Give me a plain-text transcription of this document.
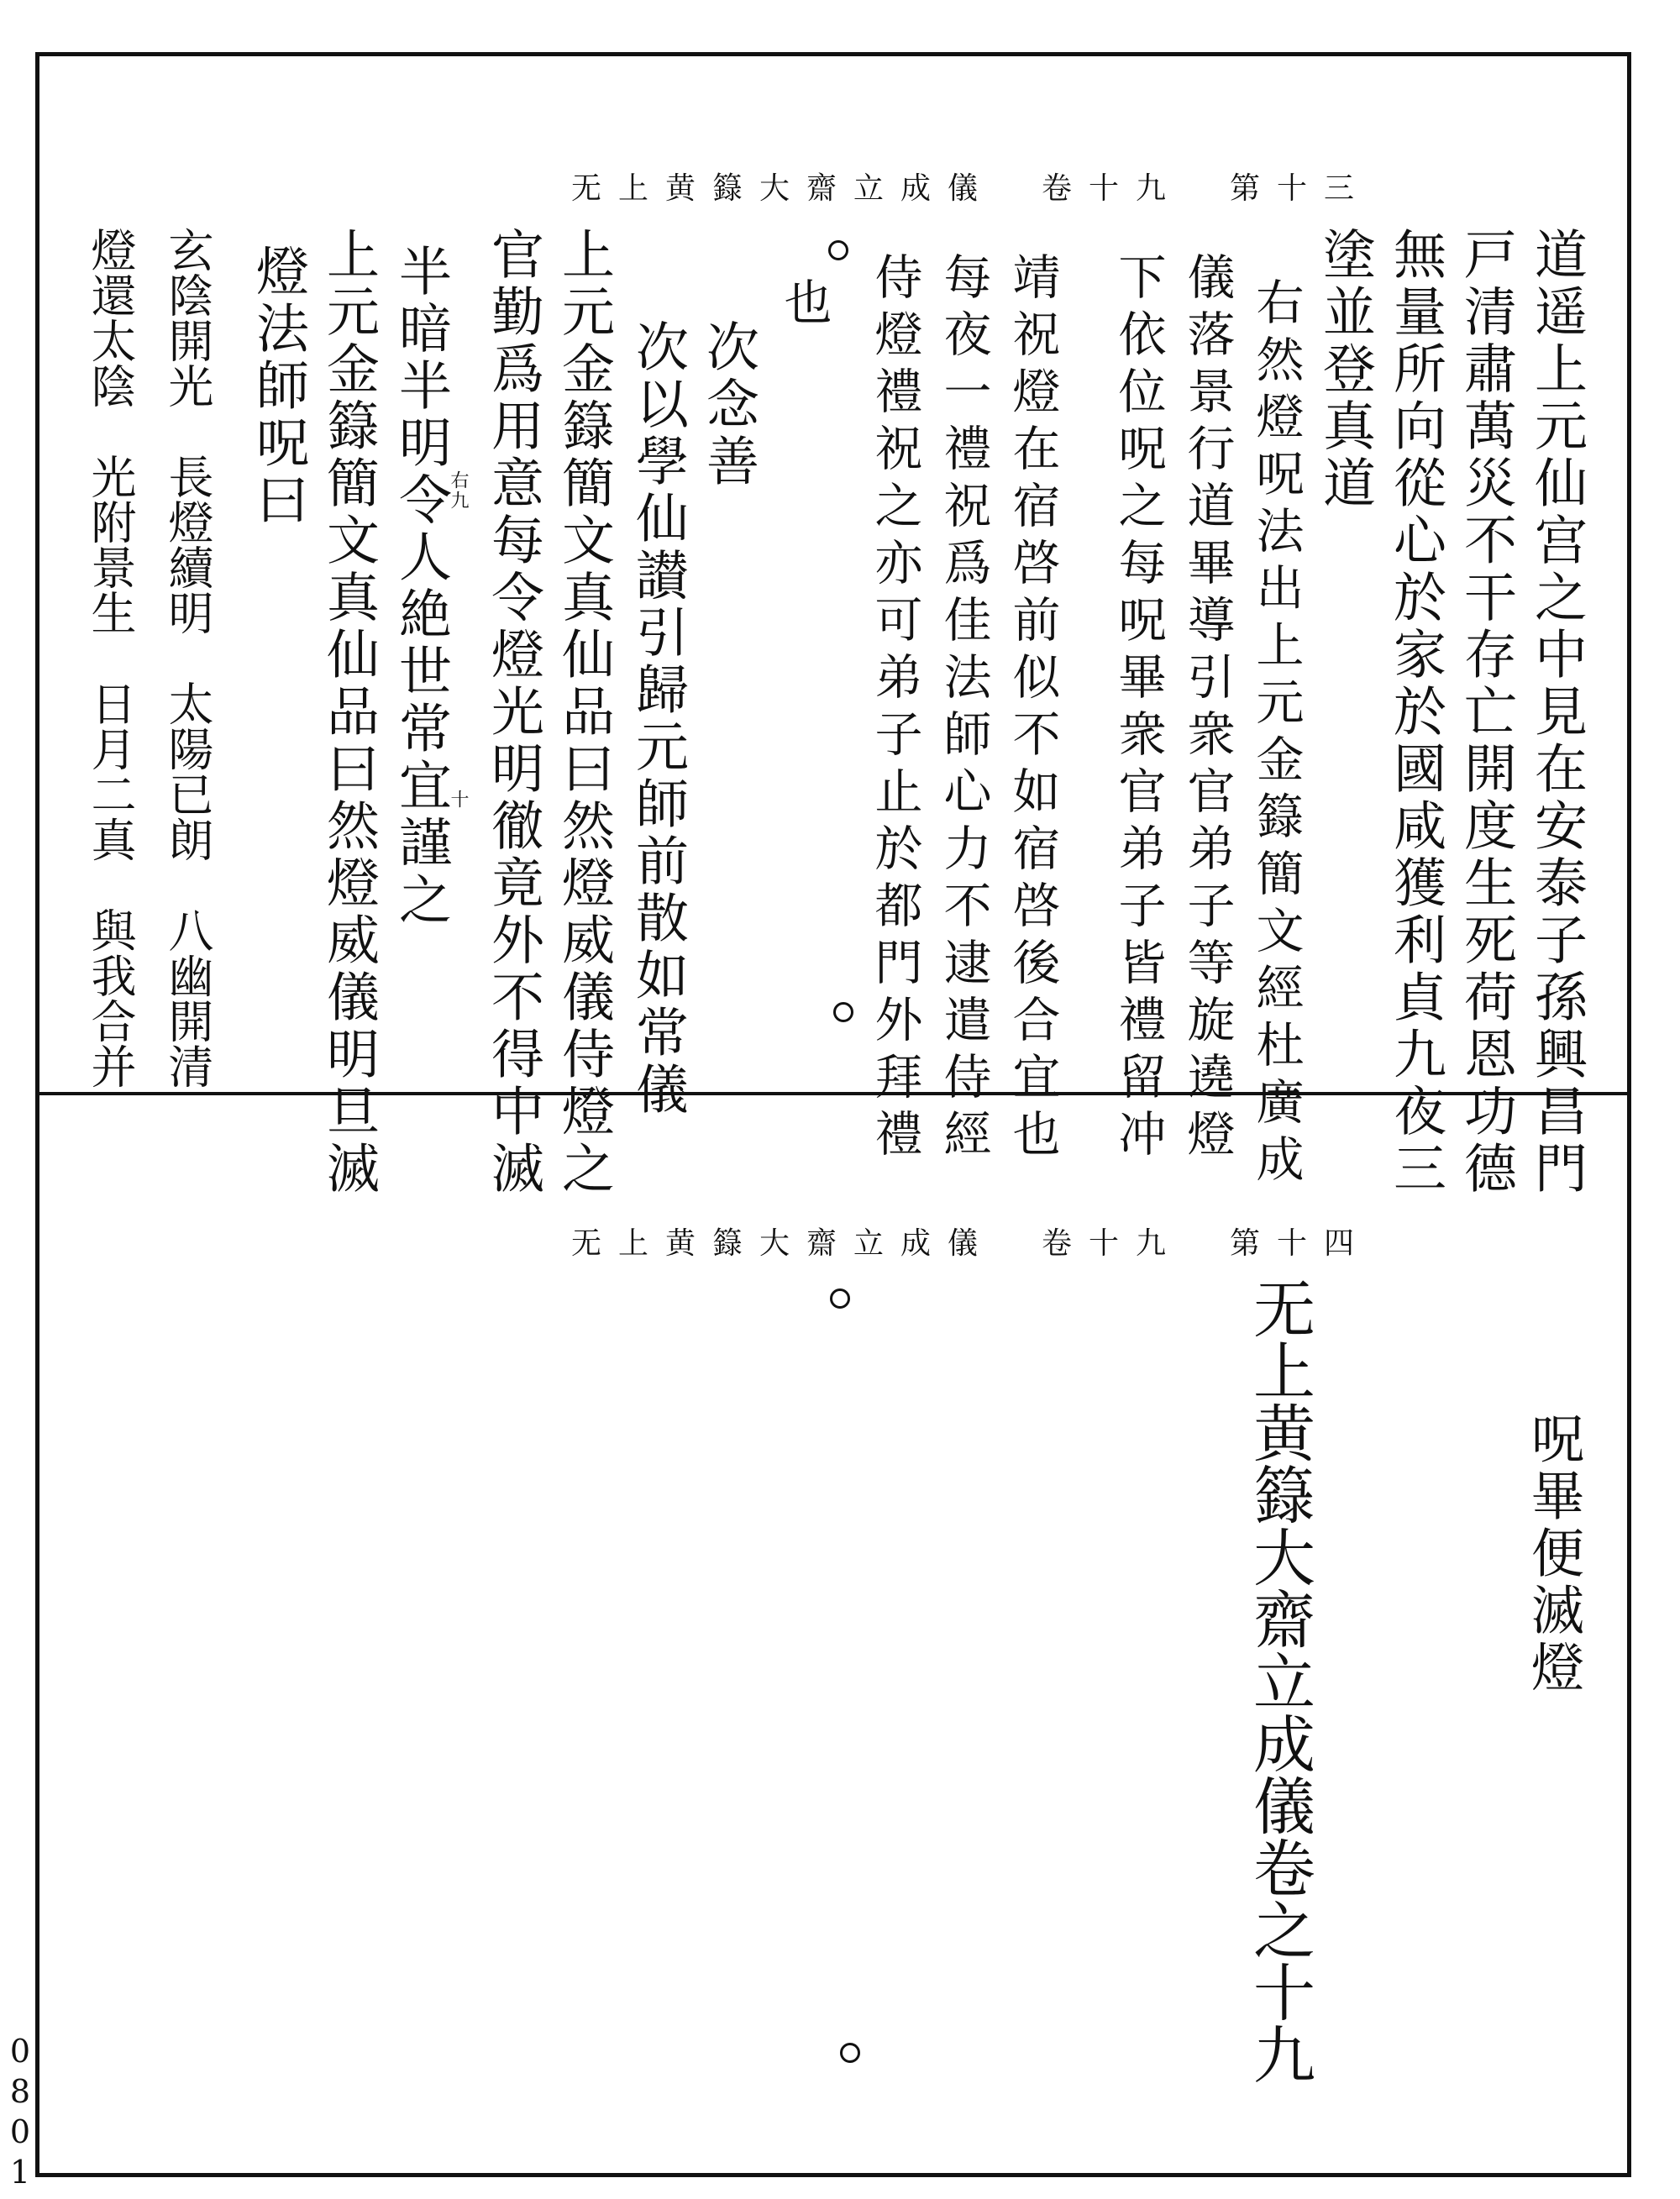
无上黄籙大齋立成儀　卷十九　第十三
道遥上元仙宫之中見在安泰子孫興昌門
戸清肅萬災不干存亡開度生死荷恩功德
無量所向從心於家於國咸獲利貞九夜三
塗並登真道
右然燈呪法出上元金籙簡文經杜廣成
儀落景行道畢導引衆官弟子等旋遶燈
下依位呪之每呪畢衆官弟子皆禮留冲
靖祝燈在宿啓前似不如宿啓後合宜也
每夜一禮祝爲佳法師心力不逮遣侍經
侍燈禮祝之亦可弟子止於都門外拜禮
也
次念善
次以學仙讃引歸元師前散如常儀
上元金籙簡文真仙品曰然燈威儀侍燈之
官勤爲用意每令燈光明徹竟外不得中滅
半暗半明令人絶世常宜謹之
上元金籙簡文真仙品曰然燈威儀明旦滅
燈法師呪曰
玄陰開光　長燈續明　太陽已朗　八幽開清
燈還太陰　光附景生　日月二真　與我合并	右九
十
无上黄籙大齋立成儀　卷十九　第十四
呪畢便滅燈
无上黄籙大齋立成儀卷之十九
0801
